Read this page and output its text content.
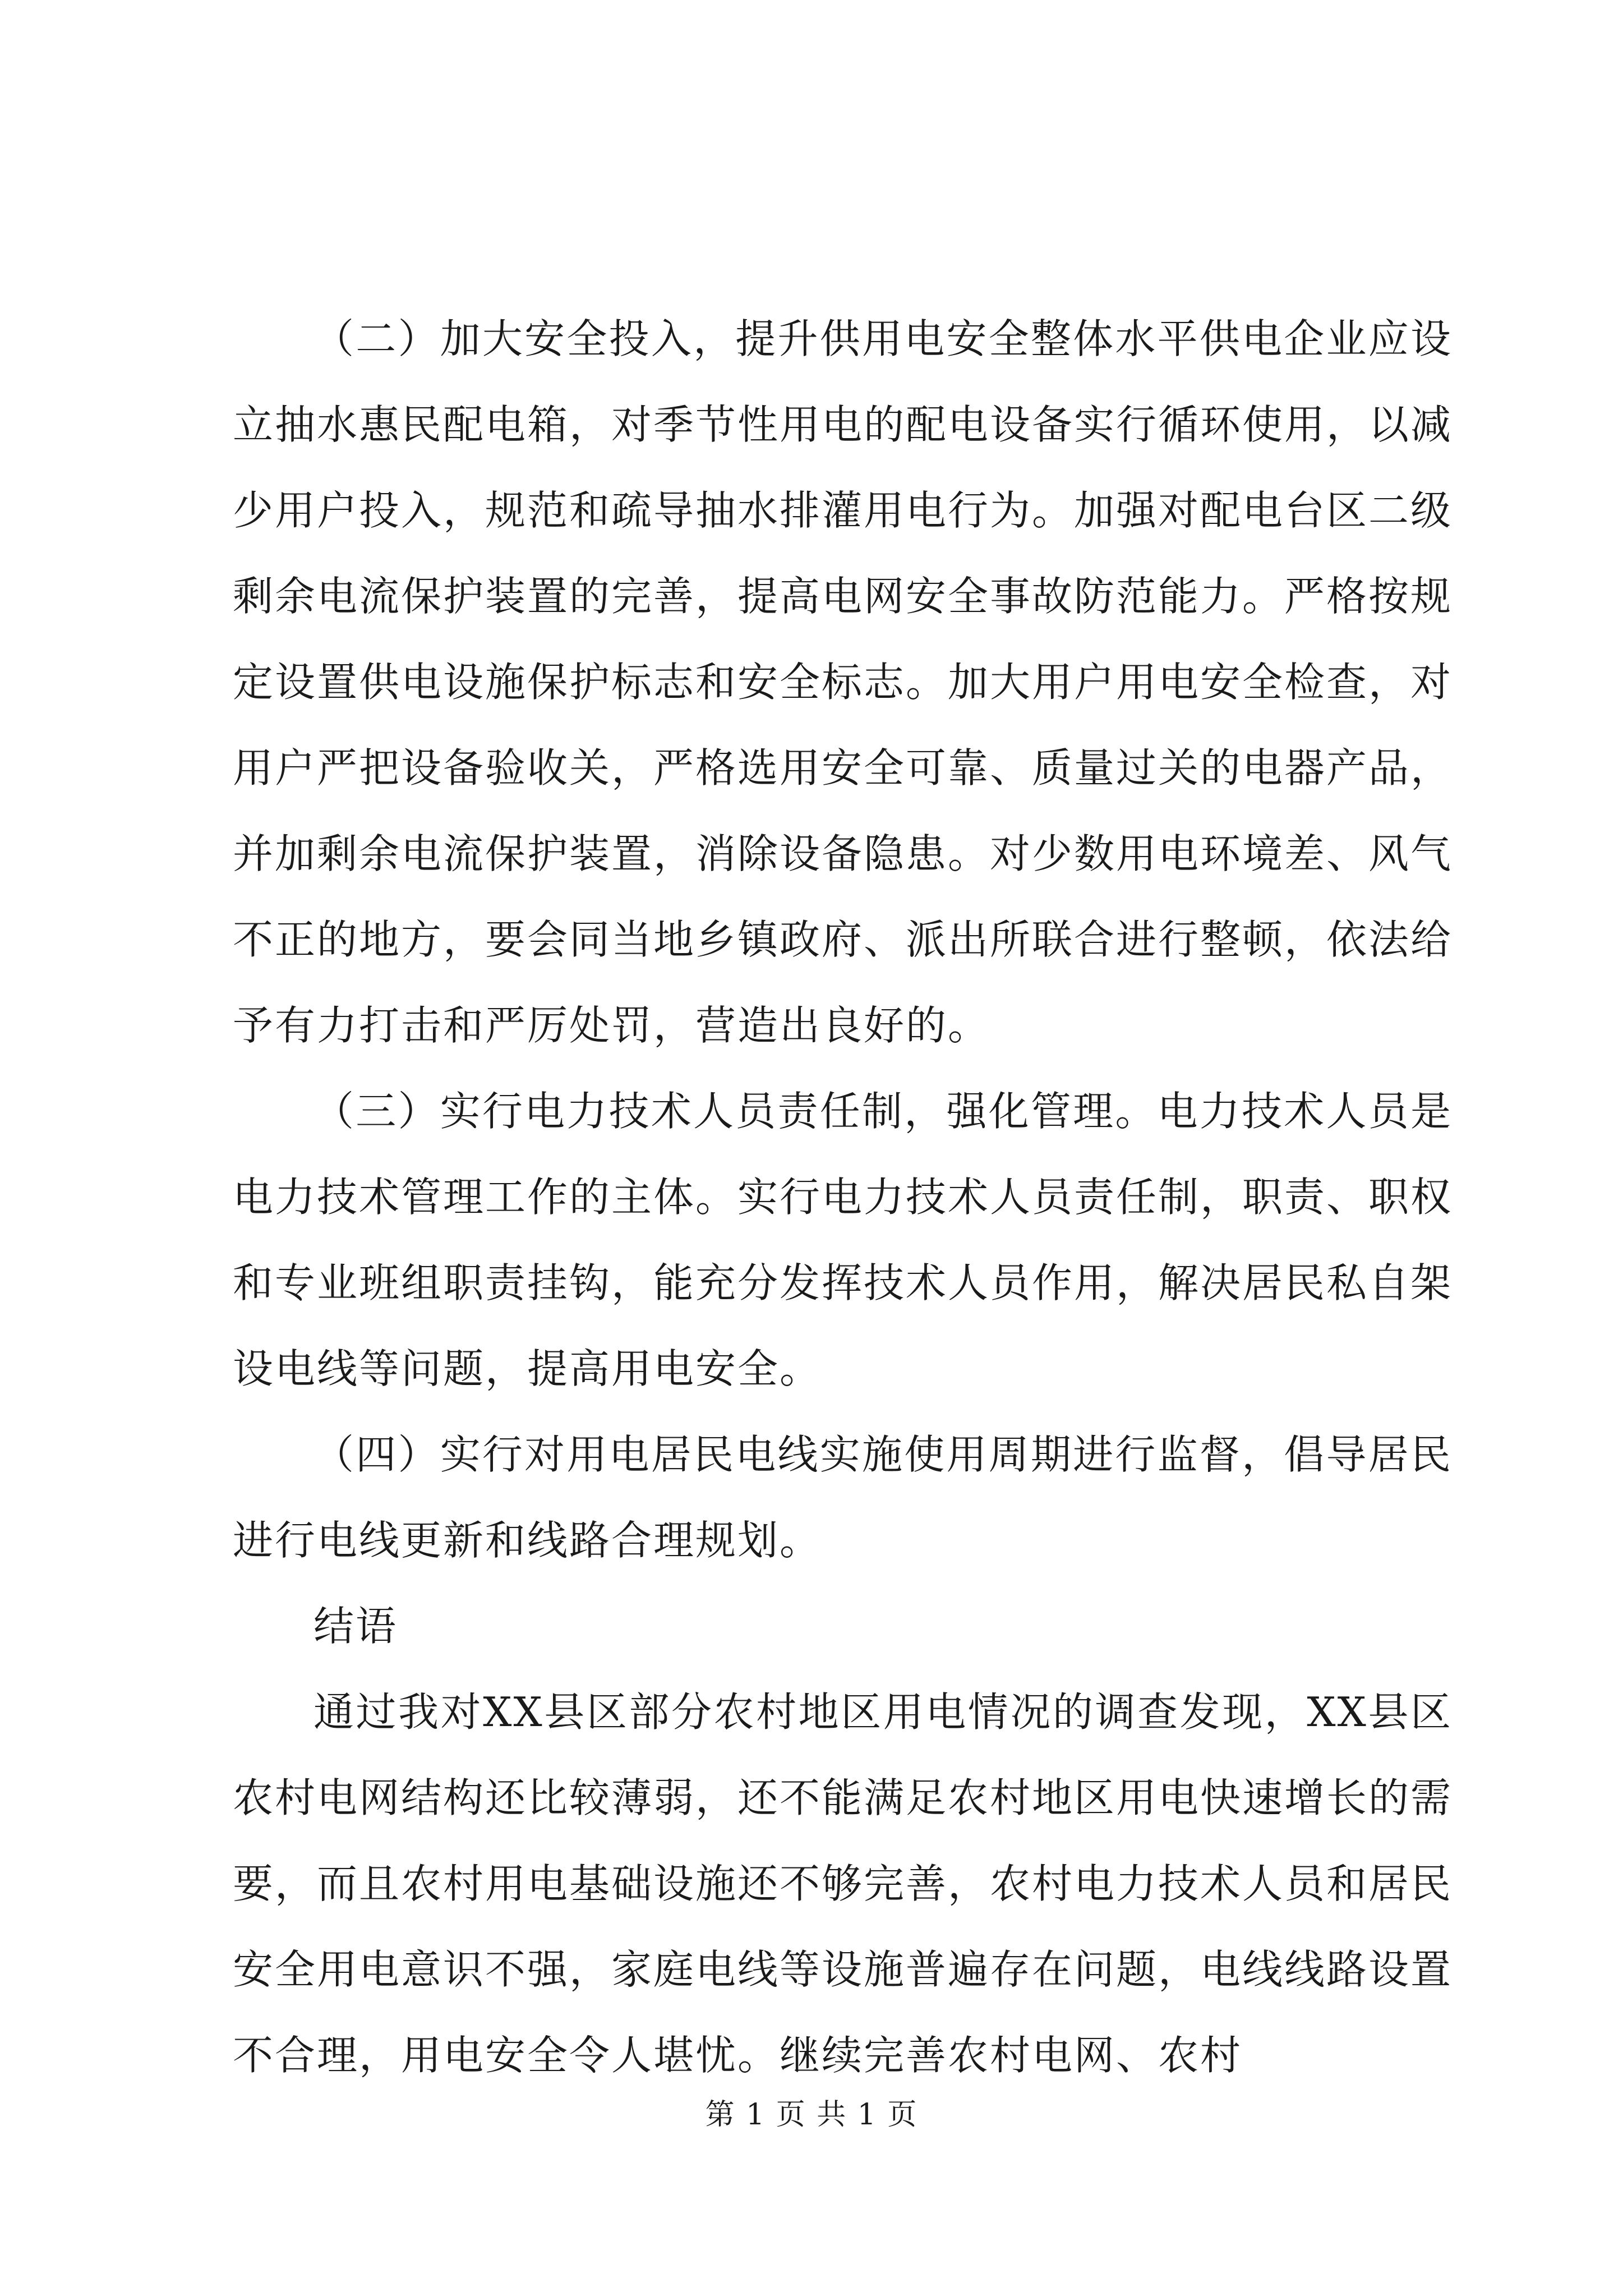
（二）加大安全投入，提升供用电安全整体水平供电企业应设立抽水惠民配电箱，对季节性用电的配电设备实行循环使用，以减少用户投入，规范和疏导抽水排灌用电行为。加强对配电台区二级剩余电流保护装置的完善，提高电网安全事故防范能力。严格按规定设置供电设施保护标志和安全标志。加大用户用电安全检查，对用户严把设备验收关，严格选用安全可靠、质量过关的电器产品，并加剩余电流保护装置，消除设备隐患。对少数用电环境差、风气不正的地方，要会同当地乡镇政府、派出所联合进行整顿，依法给予有力打击和严厉处罚，营造出良好的。

（三）实行电力技术人员责任制，强化管理。电力技术人员是电力技术管理工作的主体。实行电力技术人员责任制，职责、职权和专业班组职责挂钩，能充分发挥技术人员作用，解决居民私自架设电线等问题，提高用电安全。

（四）实行对用电居民电线实施使用周期进行监督，倡导居民进行电线更新和线路合理规划。

结语

通过我对XX县区部分农村地区用电情况的调查发现，XX县区农村电网结构还比较薄弱，还不能满足农村地区用电快速增长的需要，而且农村用电基础设施还不够完善，农村电力技术人员和居民安全用电意识不强，家庭电线等设施普遍存在问题，电线线路设置不合理，用电安全令人堪忧。继续完善农村电网、农村

第 1 页 共 1 页
